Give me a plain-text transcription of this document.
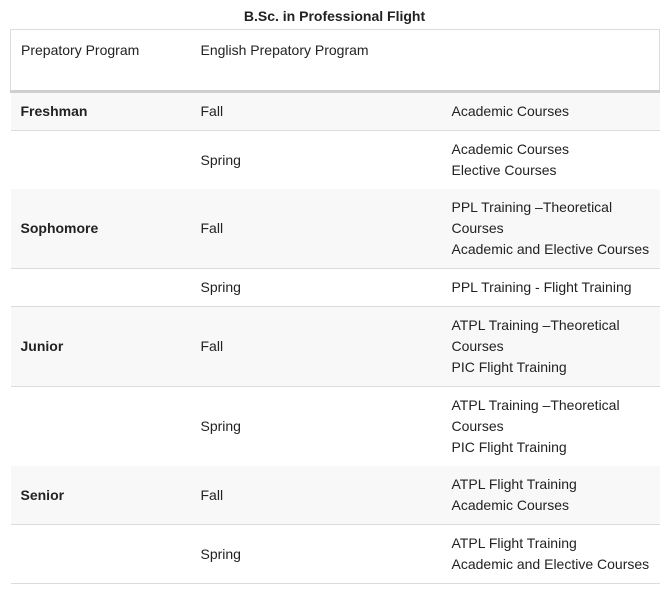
B.Sc. in Professional Flight
Prepatory Program	English Prepatory Program	
Freshman	Fall	Academic Courses

	Spring	Academic Courses
Elective Courses

Sophomore	Fall	PPL Training –Theoretical Courses
Academic and Elective Courses

	Spring	PPL Training - Flight Training

Junior	Fall	ATPL Training –Theoretical Courses
PIC Flight Training

	Spring	ATPL Training –Theoretical Courses
PIC Flight Training

Senior	Fall	ATPL Flight Training
Academic Courses

	Spring	ATPL Flight Training
Academic and Elective Courses
